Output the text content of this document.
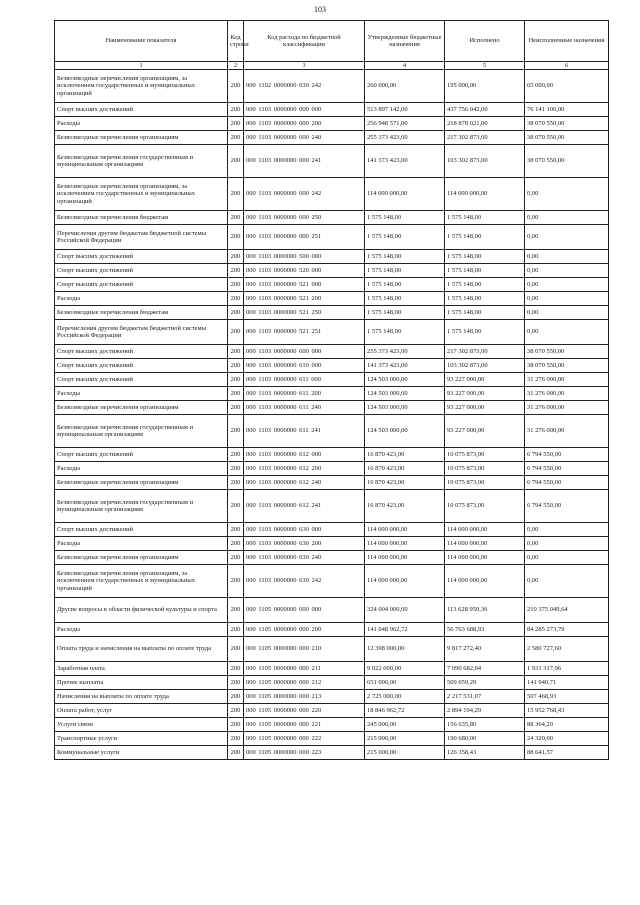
103
Наименование показателя	Код строки	Код расхода по бюджетной классификации	Утвержденные бюджетные назначения	Исполнено	Неисполненные назначения
1	2	3	4	5	6
Безвозмездные перечисления организациям, за исключением государственных и муниципальных организаций	200	000 1102 0000000 630 242	260 000,00	195 000,00	65 000,00
Спорт высших достижений	200	000 1103 0000000 000 000	513 897 142,00	437 756 042,00	76 141 100,00
Расходы	200	000 1103 0000000 000 200	256 948 571,00	218 878 021,00	38 070 550,00
Безвозмездные перечисления организациям	200	000 1103 0000000 000 240	255 373 423,00	217 302 873,00	38 070 550,00
Безвозмездные перечисления государственным и муниципальным организациям	200	000 1103 0000000 000 241	141 373 423,00	103 302 873,00	38 070 550,00
Безвозмездные перечисления организациям, за исключением государственных и муниципальных организаций	200	000 1103 0000000 000 242	114 000 000,00	114 000 000,00	0,00
Безвозмездные перечисления бюджетам	200	000 1103 0000000 000 250	1 575 148,00	1 575 148,00	0,00
Перечисления другим бюджетам бюджетной системы Российской Федерации	200	000 1103 0000000 000 251	1 575 148,00	1 575 148,00	0,00
Спорт высших достижений	200	000 1103 0000000 500 000	1 575 148,00	1 575 148,00	0,00
Спорт высших достижений	200	000 1103 0000000 520 000	1 575 148,00	1 575 148,00	0,00
Спорт высших достижений	200	000 1103 0000000 521 000	1 575 148,00	1 575 148,00	0,00
Расходы	200	000 1103 0000000 521 200	1 575 148,00	1 575 148,00	0,00
Безвозмездные перечисления бюджетам	200	000 1103 0000000 521 250	1 575 148,00	1 575 148,00	0,00
Перечисления другим бюджетам бюджетной системы Российской Федерации	200	000 1103 0000000 521 251	1 575 148,00	1 575 148,00	0,00
Спорт высших достижений	200	000 1103 0000000 600 000	255 373 423,00	217 302 873,00	38 070 550,00
Спорт высших достижений	200	000 1103 0000000 610 000	141 373 423,00	103 302 873,00	38 070 550,00
Спорт высших достижений	200	000 1103 0000000 611 000	124 503 000,00	93 227 000,00	31 276 000,00
Расходы	200	000 1103 0000000 611 200	124 503 000,00	93 227 000,00	31 276 000,00
Безвозмездные перечисления организациям	200	000 1103 0000000 611 240	124 503 000,00	93 227 000,00	31 276 000,00
Безвозмездные перечисления государственным и муниципальным организациям	200	000 1103 0000000 611 241	124 503 000,00	93 227 000,00	31 276 000,00
Спорт высших достижений	200	000 1103 0000000 612 000	16 870 423,00	10 075 873,00	6 794 550,00
Расходы	200	000 1103 0000000 612 200	16 870 423,00	10 075 873,00	6 794 550,00
Безвозмездные перечисления организациям	200	000 1103 0000000 612 240	16 870 423,00	10 075 873,00	6 794 550,00
Безвозмездные перечисления государственным и муниципальным организациям	200	000 1103 0000000 612 241	16 870 423,00	10 075 873,00	6 794 550,00
Спорт высших достижений	200	000 1103 0000000 630 000	114 000 000,00	114 000 000,00	0,00
Расходы	200	000 1103 0000000 630 200	114 000 000,00	114 000 000,00	0,00
Безвозмездные перечисления организациям	200	000 1103 0000000 630 240	114 000 000,00	114 000 000,00	0,00
Безвозмездные перечисления организациям, за исключением государственных и муниципальных организаций	200	000 1103 0000000 630 242	114 000 000,00	114 000 000,00	0,00
Другие вопросы в области физической культуры и спорта	200	000 1105 0000000 000 000	324 004 000,00	113 628 950,36	210 375 049,64
Расходы	200	000 1105 0000000 000 200	141 048 962,72	56 763 688,93	84 285 273,79
Оплата труда и начисления на выплаты по оплате труда	200	000 1105 0000000 000 210	12 398 000,00	9 817 272,40	2 580 727,60
Заработная плата	200	000 1105 0000000 000 211	9 022 000,00	7 090 682,04	1 931 317,96
Прочие выплаты	200	000 1105 0000000 000 212	651 000,00	509 059,29	141 940,71
Начисления на выплаты по оплате труда	200	000 1105 0000000 000 213	2 725 000,00	2 217 531,07	507 468,93
Оплата работ, услуг	200	000 1105 0000000 000 220	18 846 962,72	2 894 194,29	15 952 768,43
Услуги связи	200	000 1105 0000000 000 221	245 000,00	156 635,80	88 364,20
Транспортные услуги	200	000 1105 0000000 000 222	215 000,00	190 680,00	24 320,00
Коммунальные услуги	200	000 1105 0000000 000 223	215 000,00	126 358,43	88 641,57
